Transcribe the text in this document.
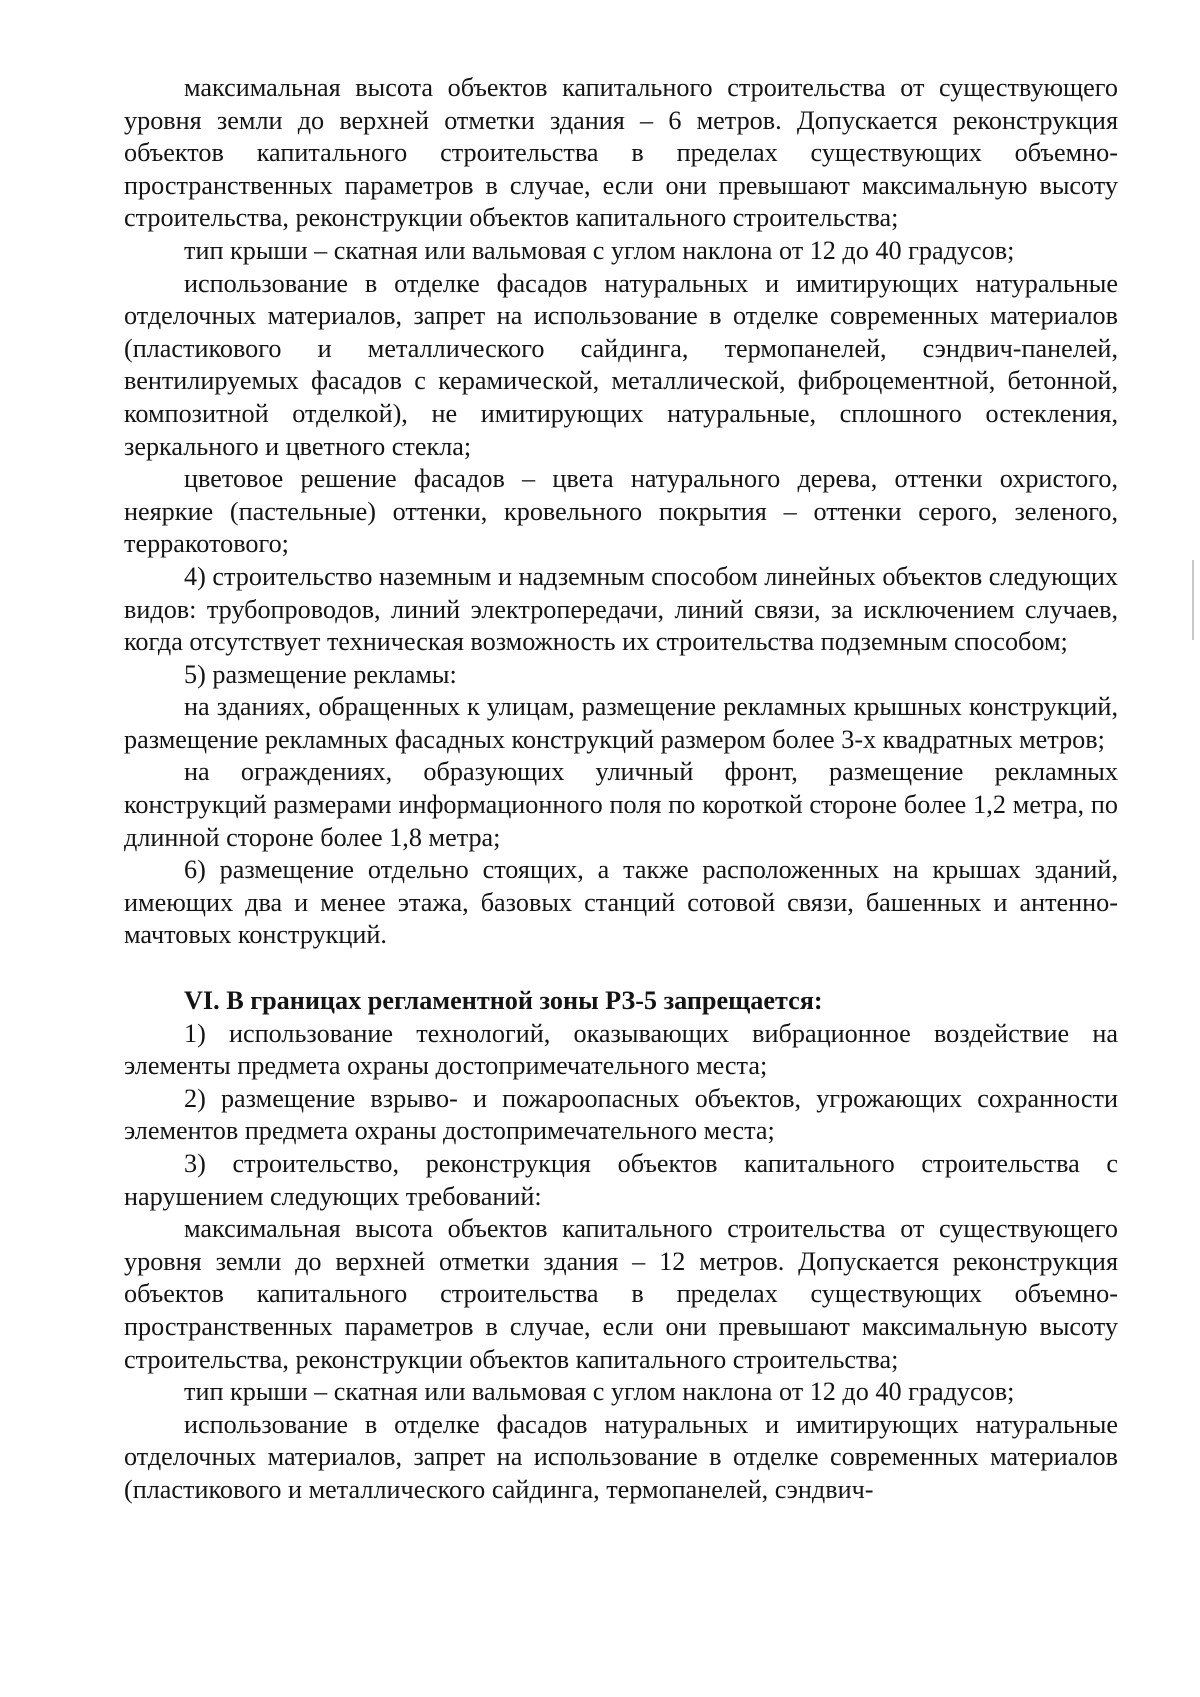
максимальная высота объектов капитального строительства от существующего уровня земли до верхней отметки здания – 6 метров. Допускается реконструкция объектов капитального строительства в пределах существующих объемно-пространственных параметров в случае, если они превышают максимальную высоту строительства, реконструкции объектов капитального строительства;

тип крыши – скатная или вальмовая с углом наклона от 12 до 40 градусов;

использование в отделке фасадов натуральных и имитирующих натуральные отделочных материалов, запрет на использование в отделке современных материалов (пластикового и металлического сайдинга, термопанелей, сэндвич-панелей, вентилируемых фасадов с керамической, металлической, фиброцементной, бетонной, композитной отделкой), не имитирующих натуральные, сплошного остекления, зеркального и цветного стекла;

цветовое решение фасадов – цвета натурального дерева, оттенки охристого, неяркие (пастельные) оттенки, кровельного покрытия – оттенки серого, зеленого, терракотового;

4) строительство наземным и надземным способом линейных объектов следующих видов: трубопроводов, линий электропередачи, линий связи, за исключением случаев, когда отсутствует техническая возможность их строительства подземным способом;

5) размещение рекламы:

на зданиях, обращенных к улицам, размещение рекламных крышных конструкций, размещение рекламных фасадных конструкций размером более 3-х квадратных метров;

на ограждениях, образующих уличный фронт, размещение рекламных конструкций размерами информационного поля по короткой стороне более 1,2 метра, по длинной стороне более 1,8 метра;

6) размещение отдельно стоящих, а также расположенных на крышах зданий, имеющих два и менее этажа, базовых станций сотовой связи, башенных и антенно- мачтовых конструкций.

VI. В границах регламентной зоны РЗ-5 запрещается:

1) использование технологий, оказывающих вибрационное воздействие на элементы предмета охраны достопримечательного места;

2) размещение взрыво- и пожароопасных объектов, угрожающих сохранности элементов предмета охраны достопримечательного места;

3) строительство, реконструкция объектов капитального строительства с нарушением следующих требований:

максимальная высота объектов капитального строительства от существующего уровня земли до верхней отметки здания – 12 метров. Допускается реконструкция объектов капитального строительства в пределах существующих объемно-пространственных параметров в случае, если они превышают максимальную высоту строительства, реконструкции объектов капитального строительства;

тип крыши – скатная или вальмовая с углом наклона от 12 до 40 градусов;

использование в отделке фасадов натуральных и имитирующих натуральные отделочных материалов, запрет на использование в отделке современных материалов (пластикового и металлического сайдинга, термопанелей, сэндвич-
